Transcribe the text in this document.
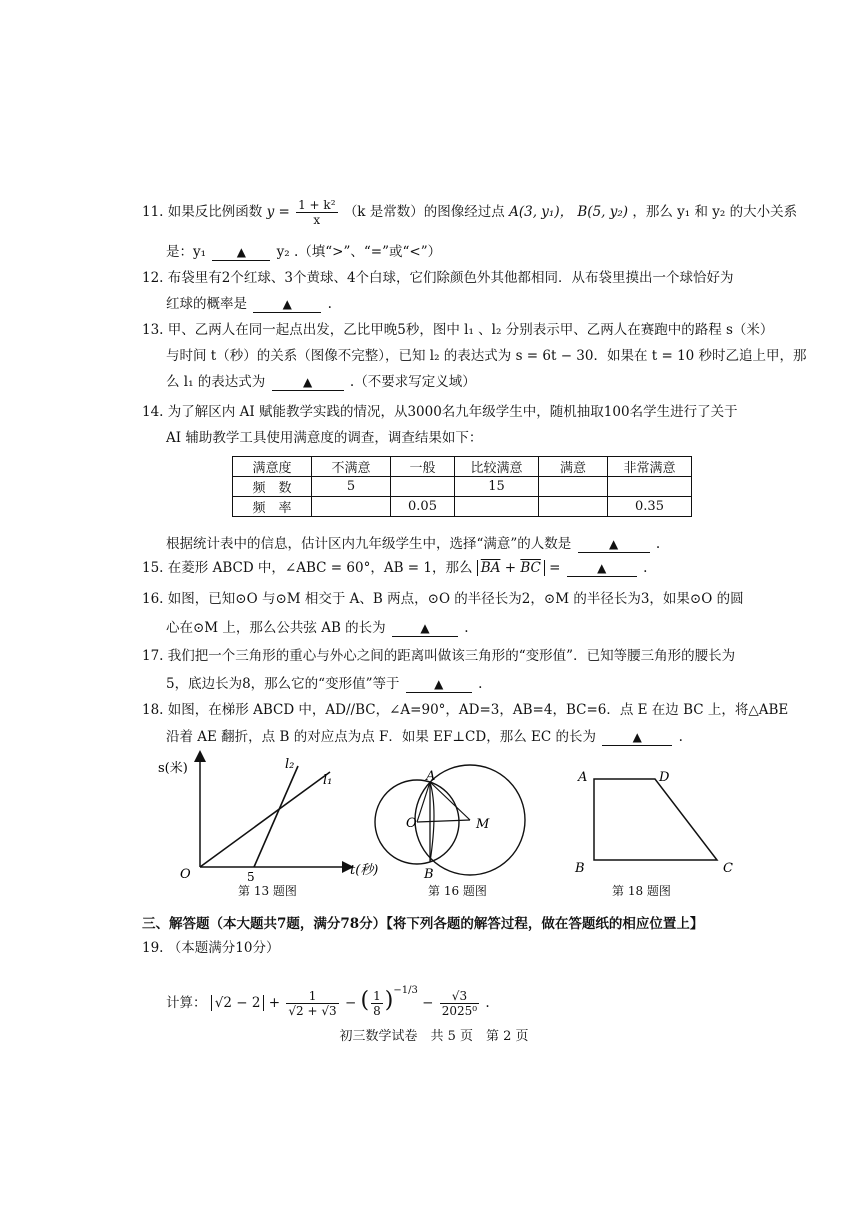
11. 如果反比例函数 $y = \frac{\text{1 + k²}}{x} (k$ 是常数）的图像经过点 A(3, y₁)， B(5, y₂) ，那么 y₁ 和 y₂ 的大小关系
是：y₁	▲ y₂ .（填“>”、“=”或“<”）
12. 布袋里有2个红球、3个黄球、4个白球，它们除颜色外其他都相同．从布袋里摸出一个球恰好为
红球的概率是	▲	.
13. 甲、乙两人在同一起点出发，乙比甲晚5秒，图中 l₁ 、l₂ 分别表示甲、乙两人在赛跑中的路程 s（米）
与时间 t（秒）的关系（图像不完整），已知 l₂ 的表达式为 s = 6t − 30．如果在 t = 10 秒时乙追上甲，那
么 l₁ 的表达式为	▲	.（不要求写定义域）
14. 为了解区内 AI 赋能教学实践的情况，从3000名九年级学生中，随机抽取100名学生进行了关于
AI 辅助教学工具使用满意度的调查，调查结果如下：
满意度	不满意	一般	比较满意	满意	非常满意
频　数	5		15		
频　率		0.05			0.35
根据统计表中的信息，估计区内九年级学生中，选择“满意”的人数是	▲	.
15. 在菱形 ABCD 中，∠ABC = 60°，AB = 1，那么 $\overline{BA} + \overline{BC}$ =	▲	.
16. 如图，已知⊙O 与⊙M 相交于 A、B 两点，⊙O 的半径长为2，⊙M 的半径长为3，如果⊙O 的圆
心在⊙M 上，那么公共弦 AB 的长为	▲	.
17. 我们把一个三角形的重心与外心之间的距离叫做该三角形的“变形值”．已知等腰三角形的腰长为
5，底边长为8，那么它的“变形值”等于	▲	.
18. 如图，在梯形 ABCD 中，AD//BC，∠A=90°，AD=3，AB=4，BC=6．点 E 在边 BC 上，将△ABE
沿着 AE 翻折，点 B 的对应点为点 F．如果 EF⊥CD，那么 EC 的长为	▲	.
s(米)
t(秒)
O	5
l₁
l₂
第 13 题图
A
B
O	M
第 16 题图
A	D
B	C
第 18 题图
三、解答题（本大题共7题，满分78分）【将下列各题的解答过程，做在答题纸的相应位置上】
19. （本题满分10分）
计算： $√2 - 2 + \frac{1}{√2 + √3}$ − ( $\frac{1}{8} )^{-1/3} - \frac{√3}{\text{2025⁰}}$ .
初三数学试卷　共 5 页　第 2 页
